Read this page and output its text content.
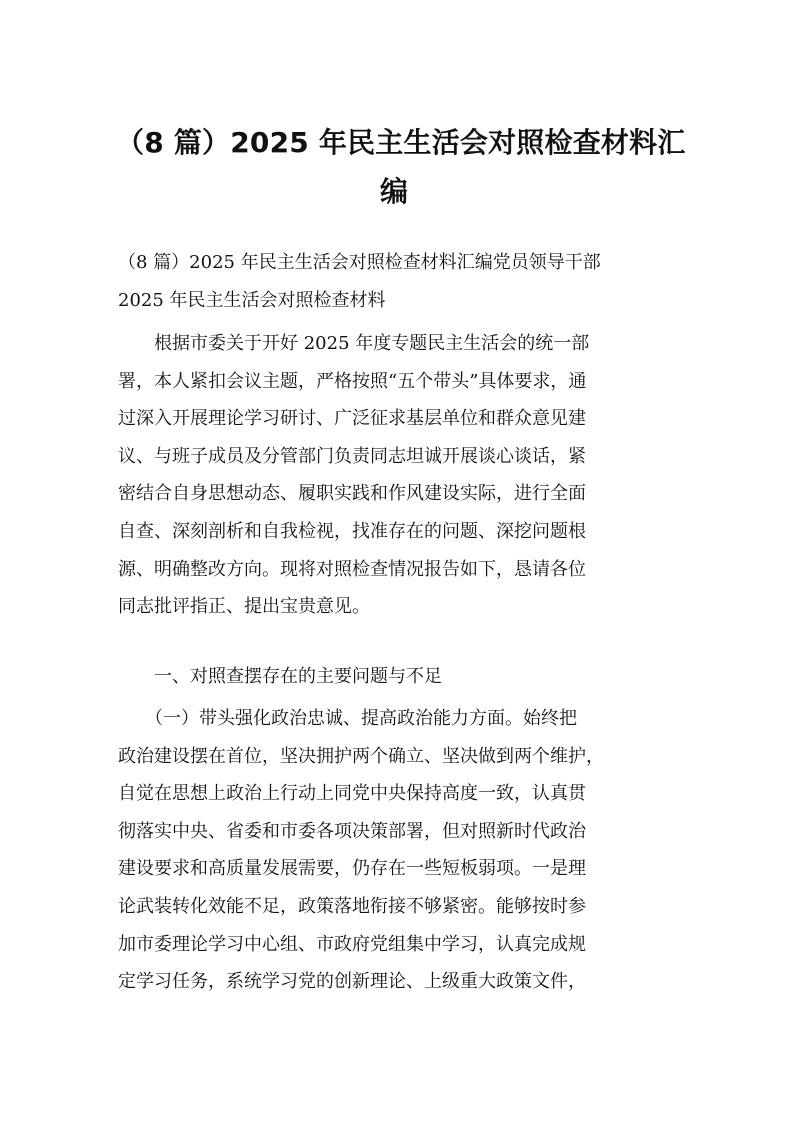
（8 篇）2025 年民主生活会对照检查材料汇
编
（8 篇）2025 年民主生活会对照检查材料汇编党员领导干部
2025 年民主生活会对照检查材料
　　根据市委关于开好 2025 年度专题民主生活会的统一部
署，本人紧扣会议主题，严格按照“五个带头”具体要求，通
过深入开展理论学习研讨、广泛征求基层单位和群众意见建
议、与班子成员及分管部门负责同志坦诚开展谈心谈话，紧
密结合自身思想动态、履职实践和作风建设实际，进行全面
自查、深刻剖析和自我检视，找准存在的问题、深挖问题根
源、明确整改方向。现将对照检查情况报告如下，恳请各位
同志批评指正、提出宝贵意见。

　　一、对照查摆存在的主要问题与不足

　　（一）带头强化政治忠诚、提高政治能力方面。始终把
政治建设摆在首位，坚决拥护两个确立、坚决做到两个维护，
自觉在思想上政治上行动上同党中央保持高度一致，认真贯
彻落实中央、省委和市委各项决策部署，但对照新时代政治
建设要求和高质量发展需要，仍存在一些短板弱项。一是理
论武装转化效能不足，政策落地衔接不够紧密。能够按时参
加市委理论学习中心组、市政府党组集中学习，认真完成规
定学习任务，系统学习党的创新理论、上级重大政策文件，
